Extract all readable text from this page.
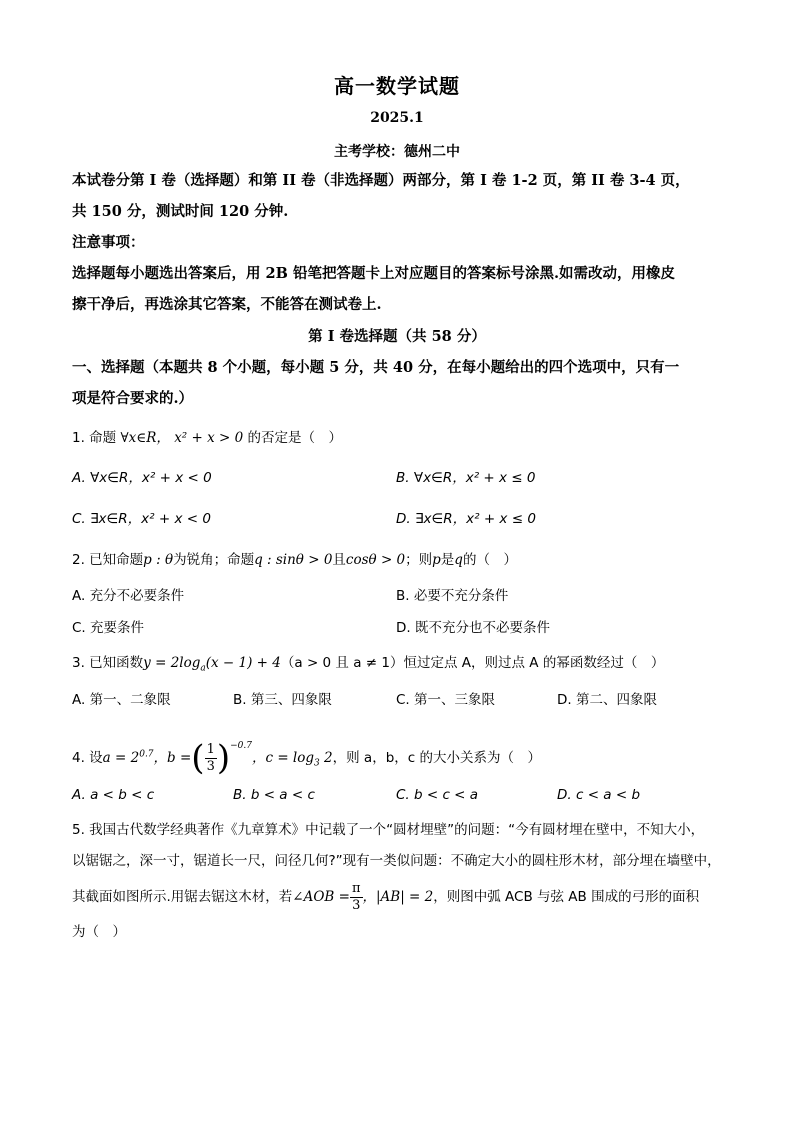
高一数学试题
2025.1
主考学校：德州二中
本试卷分第 I 卷（选择题）和第 II 卷（非选择题）两部分，第 I 卷 1-2 页，第 II 卷 3-4 页，
共 150 分，测试时间 120 分钟.
注意事项：
选择题每小题选出答案后，用 2B 铅笔把答题卡上对应题目的答案标号涂黑.如需改动，用橡皮
擦干净后，再选涂其它答案，不能答在测试卷上.
第 I 卷选择题（共 58 分）
一、选择题（本题共 8 个小题，每小题 5 分，共 40 分，在每小题给出的四个选项中，只有一
项是符合要求的.）
1. 命题 ∀x∈R， x² + x > 0 的否定是（　）
A. ∀x∈R，x² + x < 0	B. ∀x∈R，x² + x ≤ 0
C. ∃x∈R，x² + x < 0	D. ∃x∈R，x² + x ≤ 0
2. 已知命题p : θ为锐角；命题q : sinθ > 0且cosθ > 0；则p是q的（　）
A. 充分不必要条件	B. 必要不充分条件
C. 充要条件	D. 既不充分也不必要条件
3. 已知函数$y = 2\log_a(x - 1) + 4(a > 0$ 且 a ≠ 1）恒过定点 A，则过点 A 的幂函数经过（　）
A. 第一、二象限	B. 第三、四象限	C. 第一、三象限	D. 第二、四象限
4. 设$a = 2^{0.7}$，b =( $\frac{1}{3} )^{-0.7}$，$c = \log_3 2$，则 a，b，c 的大小关系为（　）
A. a < b < c	B. b < a < c	C. b < c < a	D. c < a < b
5. 我国古代数学经典著作《九章算术》中记载了一个“圆材埋壁”的问题：“今有圆材埋在壁中，不知大小，
以锯锯之，深一寸，锯道长一尺，问径几何?”现有一类似问题：不确定大小的圆柱形木材，部分埋在墙壁中，
其截面如图所示.用锯去锯这木材，若∠AOB = $\frac{\pi}{3}$ ，|AB| = 2，则图中弧 ACB 与弦 AB 围成的弓形的面积
为（　）
